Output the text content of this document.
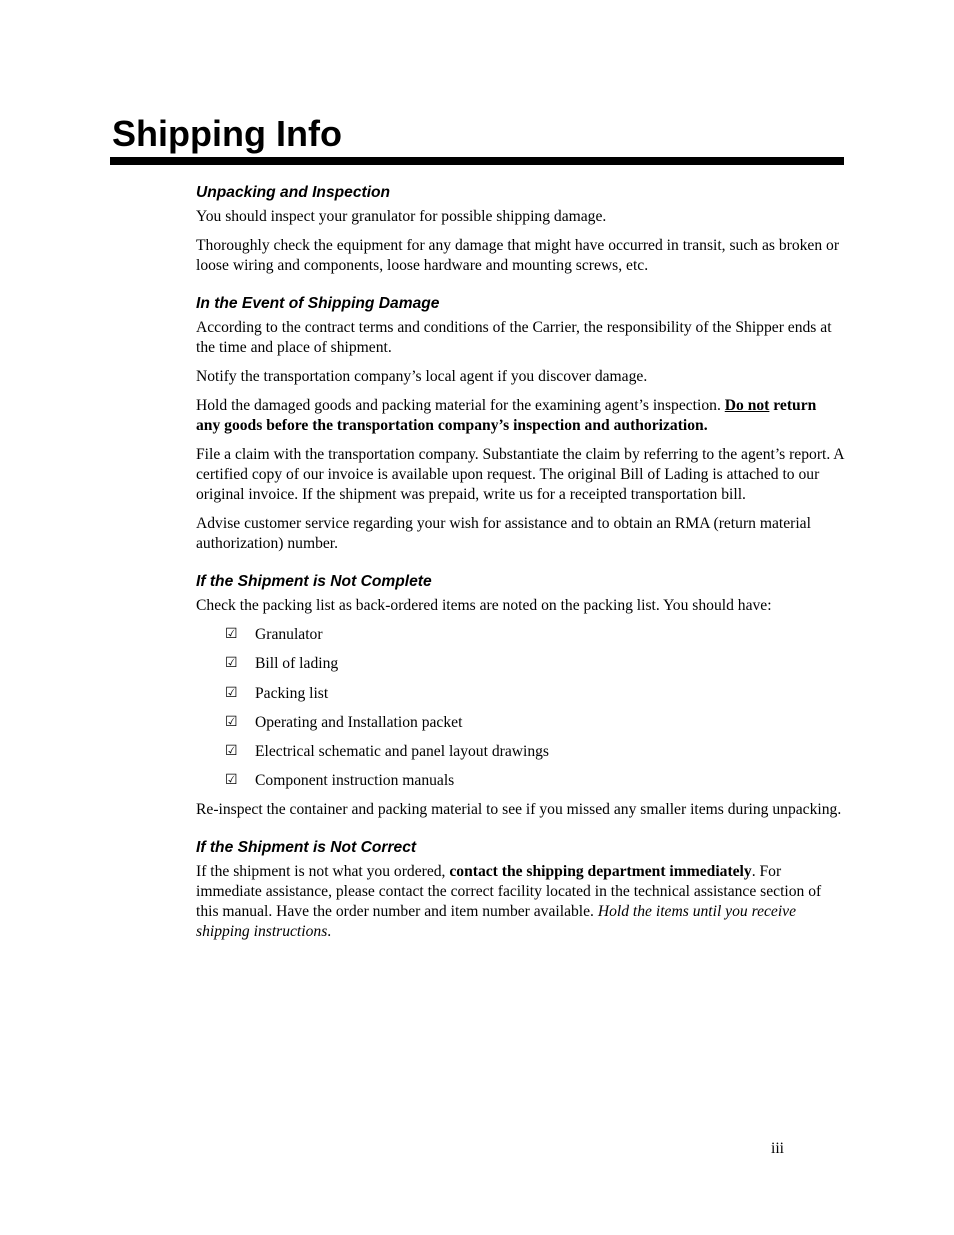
Shipping Info
Unpacking and Inspection

You should inspect your granulator for possible shipping damage.

Thoroughly check the equipment for any damage that might have occurred in transit, such as broken or loose wiring and components, loose hardware and mounting screws, etc.

In the Event of Shipping Damage

According to the contract terms and conditions of the Carrier, the responsibility of the Shipper ends at the time and place of shipment.

Notify the transportation company’s local agent if you discover damage.

Hold the damaged goods and packing material for the examining agent’s inspection. Do not return any goods before the transportation company’s inspection and authorization.

File a claim with the transportation company. Substantiate the claim by referring to the agent’s report. A certified copy of our invoice is available upon request. The original Bill of Lading is attached to our original invoice. If the shipment was prepaid, write us for a receipted transportation bill.

Advise customer service regarding your wish for assistance and to obtain an RMA (return material authorization) number.

If the Shipment is Not Complete

Check the packing list as back-ordered items are noted on the packing list. You should have:

☑	Granulator
☑	Bill of lading
☑	Packing list
☑	Operating and Installation packet
☑	Electrical schematic and panel layout drawings
☑	Component instruction manuals

Re-inspect the container and packing material to see if you missed any smaller items during unpacking.

If the Shipment is Not Correct

If the shipment is not what you ordered, contact the shipping department immediately. For immediate assistance, please contact the correct facility located in the technical assistance section of this manual. Have the order number and item number available. Hold the items until you receive shipping instructions.

iii
